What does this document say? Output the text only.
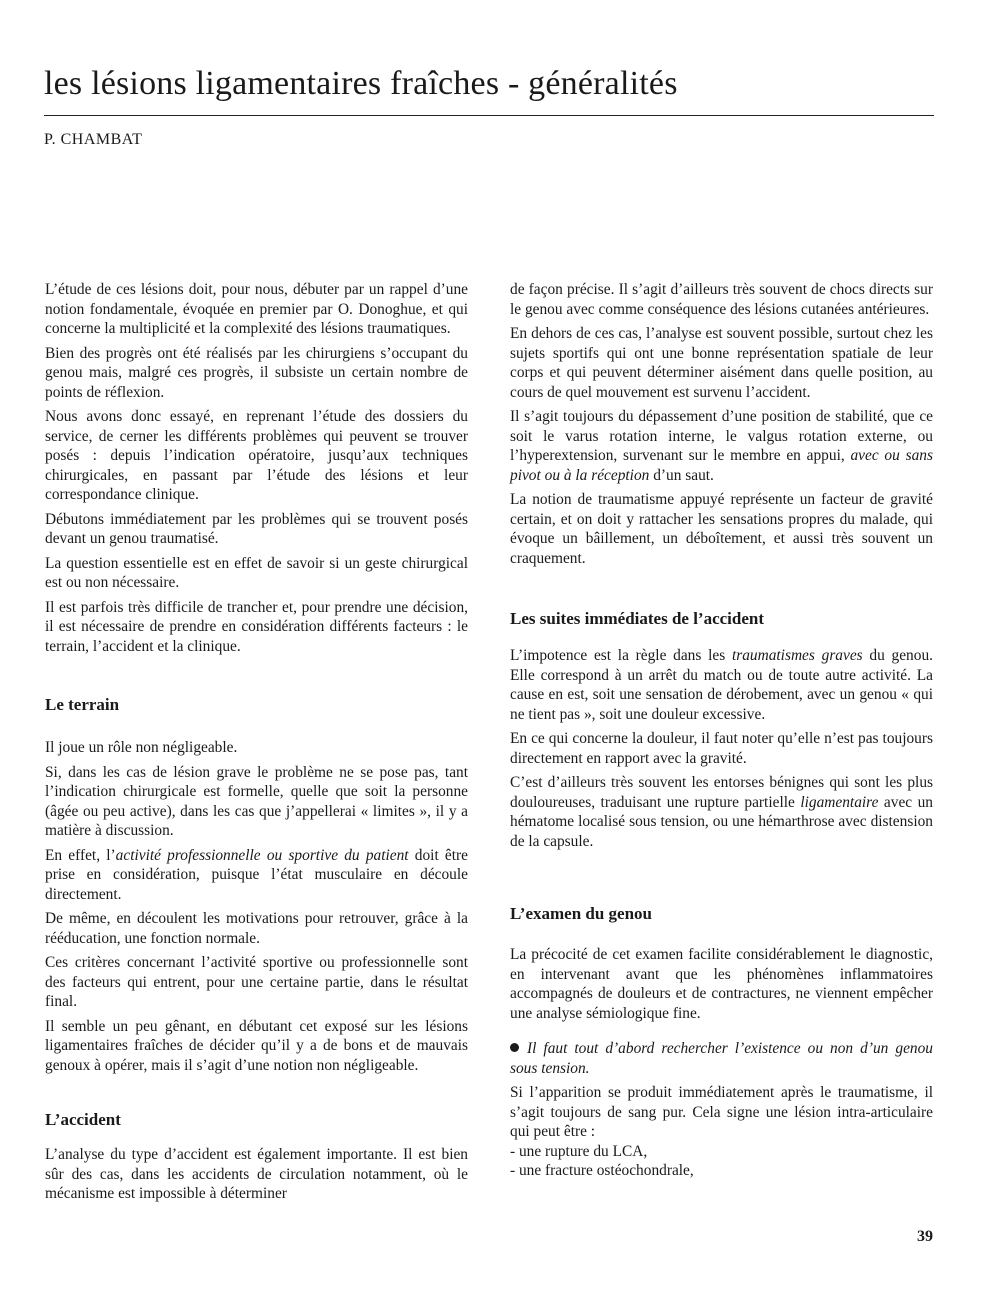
les lésions ligamentaires fraîches - généralités
P. CHAMBAT

L’étude de ces lésions doit, pour nous, débuter par un rappel d’une notion fondamentale, évoquée en premier par O. Donoghue, et qui concerne la multiplicité et la complexité des lésions traumatiques.

Bien des progrès ont été réalisés par les chirurgiens s’occupant du genou mais, malgré ces progrès, il subsiste un certain nombre de points de réflexion.

Nous avons donc essayé, en reprenant l’étude des dossiers du service, de cerner les différents problèmes qui peuvent se trouver posés : depuis l’indication opératoire, jusqu’aux techniques chirurgicales, en passant par l’étude des lésions et leur correspondance clinique.

Débutons immédiatement par les problèmes qui se trouvent posés devant un genou traumatisé.

La question essentielle est en effet de savoir si un geste chirurgical est ou non nécessaire.

Il est parfois très difficile de trancher et, pour prendre une décision, il est nécessaire de prendre en considération différents facteurs : le terrain, l’accident et la clinique.

Le terrain

Il joue un rôle non négligeable.

Si, dans les cas de lésion grave le problème ne se pose pas, tant l’indication chirurgicale est formelle, quelle que soit la personne (âgée ou peu active), dans les cas que j’appellerai « limites », il y a matière à discussion.

En effet, l’activité professionnelle ou sportive du patient doit être prise en considération, puisque l’état musculaire en découle directement.

De même, en découlent les motivations pour retrouver, grâce à la rééducation, une fonction normale.

Ces critères concernant l’activité sportive ou professionnelle sont des facteurs qui entrent, pour une certaine partie, dans le résultat final.

Il semble un peu gênant, en débutant cet exposé sur les lésions ligamentaires fraîches de décider qu’il y a de bons et de mauvais genoux à opérer, mais il s’agit d’une notion non négligeable.

L’accident

L’analyse du type d’accident est également importante. Il est bien sûr des cas, dans les accidents de circulation notamment, où le mécanisme est impossible à déterminer

de façon précise. Il s’agit d’ailleurs très souvent de chocs directs sur le genou avec comme conséquence des lésions cutanées antérieures.

En dehors de ces cas, l’analyse est souvent possible, surtout chez les sujets sportifs qui ont une bonne représentation spatiale de leur corps et qui peuvent déterminer aisément dans quelle position, au cours de quel mouvement est survenu l’accident.

Il s’agit toujours du dépassement d’une position de stabilité, que ce soit le varus rotation interne, le valgus rotation externe, ou l’hyperextension, survenant sur le membre en appui, avec ou sans pivot ou à la réception d’un saut.

La notion de traumatisme appuyé représente un facteur de gravité certain, et on doit y rattacher les sensations propres du malade, qui évoque un bâillement, un déboîtement, et aussi très souvent un craquement.

Les suites immédiates de l’accident

L’impotence est la règle dans les traumatismes graves du genou. Elle correspond à un arrêt du match ou de toute autre activité. La cause en est, soit une sensation de dérobement, avec un genou « qui ne tient pas », soit une douleur excessive.

En ce qui concerne la douleur, il faut noter qu’elle n’est pas toujours directement en rapport avec la gravité.

C’est d’ailleurs très souvent les entorses bénignes qui sont les plus douloureuses, traduisant une rupture partielle ligamentaire avec un hématome localisé sous tension, ou une hémarthrose avec distension de la capsule.

L’examen du genou

La précocité de cet examen facilite considérablement le diagnostic, en intervenant avant que les phénomènes inflammatoires accompagnés de douleurs et de contractures, ne viennent empêcher une analyse sémiologique fine.

Il faut tout d’abord rechercher l’existence ou non d’un genou sous tension.

Si l’apparition se produit immédiatement après le traumatisme, il s’agit toujours de sang pur. Cela signe une lésion intra-articulaire qui peut être :

- une rupture du LCA,
- une fracture ostéochondrale,
39
